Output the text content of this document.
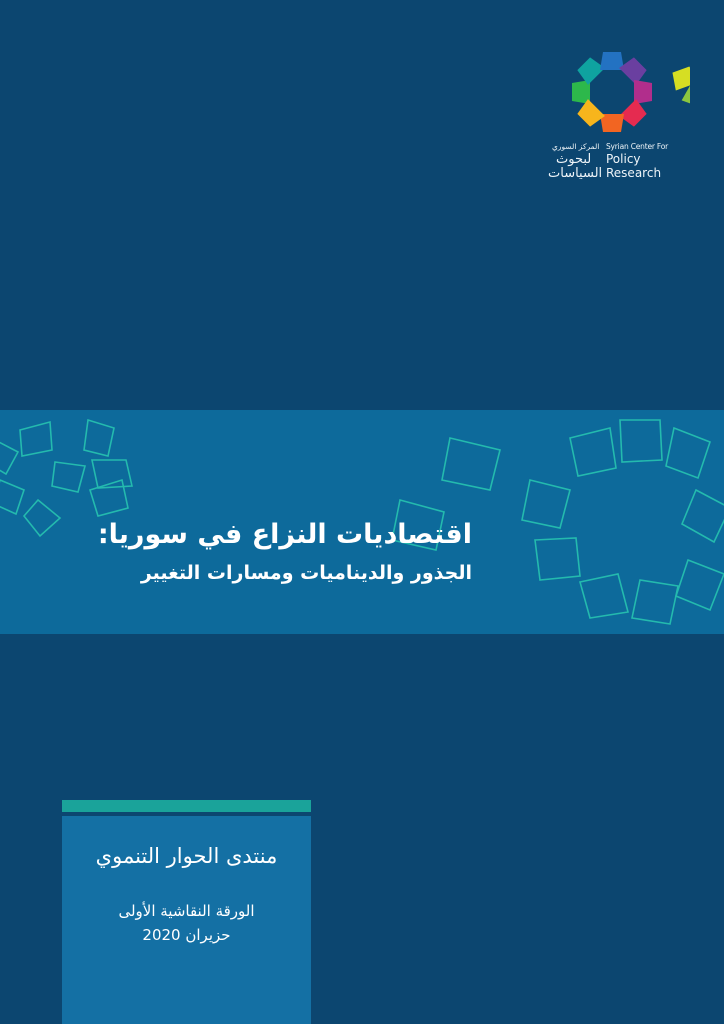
المركز السوري Syrian Center For
لبحوث Policy
السياسات Research
اقتصاديات النزاع في سوريا:
الجذور والديناميات ومسارات التغيير
منتدى الحوار التنموي
الورقة النقاشية الأولى
حزيران 2020
